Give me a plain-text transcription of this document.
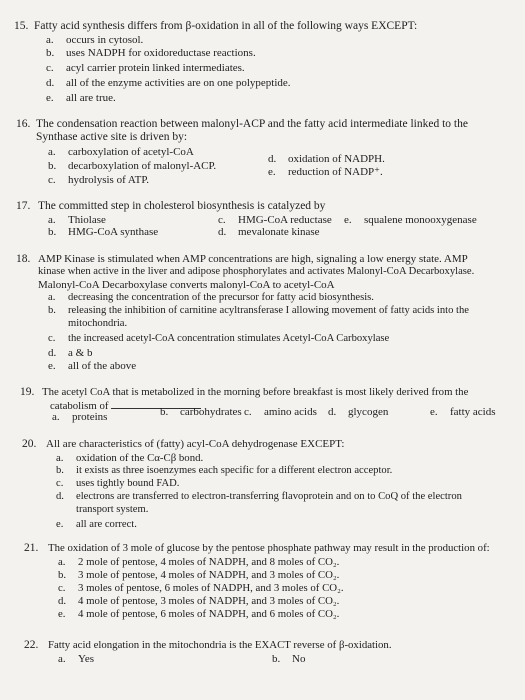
15. Fatty acid synthesis differs from β-oxidation in all of the following ways EXCEPT:
a. occurs in cytosol.
b. uses NADPH for oxidoreductase reactions.
c. acyl carrier protein linked intermediates.
d. all of the enzyme activities are on one polypeptide.
e. all are true.
16. The condensation reaction between malonyl-ACP and the fatty acid intermediate linked to the
Synthase active site is driven by:
a. carboxylation of acetyl-CoA
b. decarboxylation of malonyl-ACP.
c. hydrolysis of ATP.
d. oxidation of NADPH.
e. reduction of NADP⁺.
17. The committed step in cholesterol biosynthesis is catalyzed by
a. Thiolase
b. HMG-CoA synthase
c. HMG-CoA reductase
d. mevalonate kinase
e. squalene monooxygenase
18. AMP Kinase is stimulated when AMP concentrations are high, signaling a low energy state. AMP
kinase when active in the liver and adipose phosphorylates and activates Malonyl-CoA Decarboxylase.
Malonyl-CoA Decarboxylase converts malonyl-CoA to acetyl-CoA
a. decreasing the concentration of the precursor for fatty acid biosynthesis.
b. releasing the inhibition of carnitine acyltransferase I allowing movement of fatty acids into the
mitochondria.
c. the increased acetyl-CoA concentration stimulates Acetyl-CoA Carboxylase
d. a & b
e. all of the above
19. The acetyl CoA that is metabolized in the morning before breakfast is most likely derived from the
catabolism of
a. proteins	b. carbohydrates c. amino acids d. glycogen	e. fatty acids
20. All are characteristics of (fatty) acyl-CoA dehydrogenase EXCEPT:
a. oxidation of the Cα-Cβ bond.
b. it exists as three isoenzymes each specific for a different electron acceptor.
c. uses tightly bound FAD.
d. electrons are transferred to electron-transferring flavoprotein and on to CoQ of the electron
transport system.
e. all are correct.
21. The oxidation of 3 mole of glucose by the pentose phosphate pathway may result in the production of:
a. 2 mole of pentose, 4 moles of NADPH, and 8 moles of CO₂.
b. 3 mole of pentose, 4 moles of NADPH, and 3 moles of CO₂.
c. 3 moles of pentose, 6 moles of NADPH, and 3 moles of CO₂.
d. 4 mole of pentose, 3 moles of NADPH, and 3 moles of CO₂.
e. 4 mole of pentose, 6 moles of NADPH, and 6 moles of CO₂.
22. Fatty acid elongation in the mitochondria is the EXACT reverse of β-oxidation.
a. Yes	b. No
